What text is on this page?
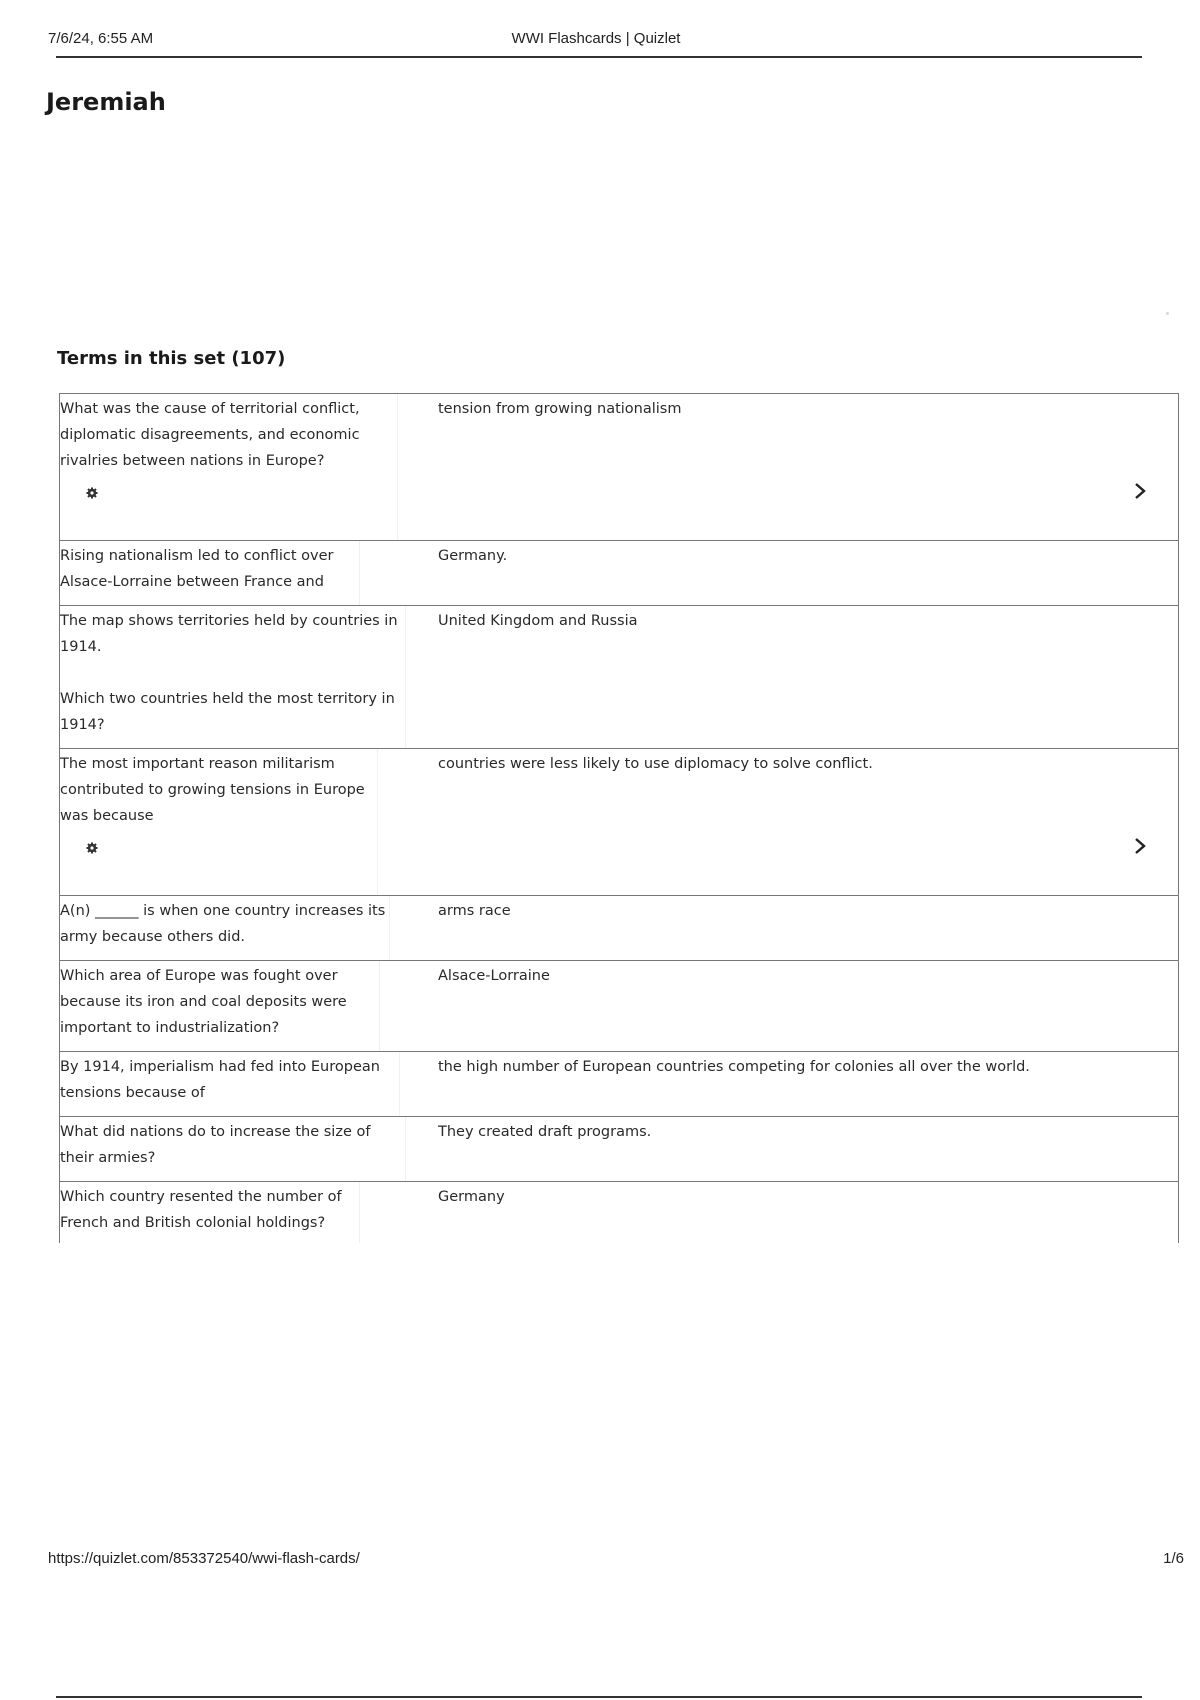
7/6/24, 6:55 AM	WWI Flashcards | Quizlet
Jeremiah
Terms in this set (107)
What was the cause of territorial conflict, diplomatic disagreements, and economic rivalries between nations in Europe?
tension from growing nationalism
Rising nationalism led to conflict over Alsace-Lorraine between France and
Germany.
The map shows territories held by countries in 1914.

Which two countries held the most territory in 1914?
United Kingdom and Russia
The most important reason militarism contributed to growing tensions in Europe was because
countries were less likely to use diplomacy to solve conflict.
A(n) ______ is when one country increases its army because others did.
arms race
Which area of Europe was fought over because its iron and coal deposits were important to industrialization?
Alsace-Lorraine
By 1914, imperialism had fed into European tensions because of
the high number of European countries competing for colonies all over the world.
What did nations do to increase the size of their armies?
They created draft programs.
Which country resented the number of French and British colonial holdings?
Germany
https://quizlet.com/853372540/wwi-flash-cards/	1/6
